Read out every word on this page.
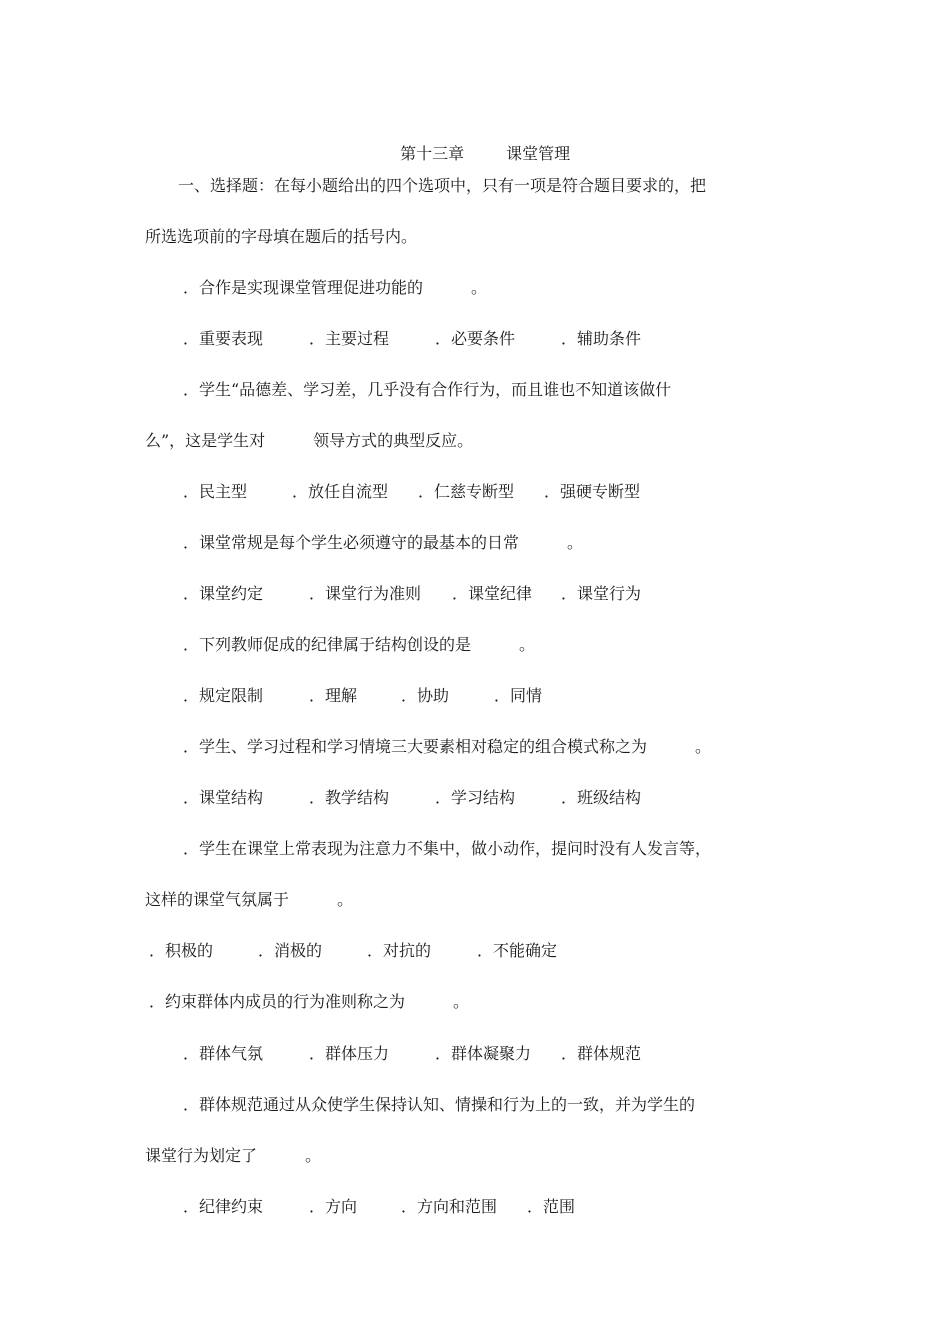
第十三章	课堂管理

一、选择题：在每小题给出的四个选项中，只有一项是符合题目要求的，把
所选选项前的字母填在题后的括号内。
．合作是实现课堂管理促进功能的　　　。
．重要表现	．主要过程	．必要条件	．辅助条件
．学生“品德差、学习差，几乎没有合作行为，而且谁也不知道该做什
么”，这是学生对　　　领导方式的典型反应。
．民主型	．放任自流型 ．仁慈专断型 ．强硬专断型
．课堂常规是每个学生必须遵守的最基本的日常　　　。
．课堂约定	．课堂行为准则 ．课堂纪律 ．课堂行为
．下列教师促成的纪律属于结构创设的是　　　。
．规定限制	．理解	．协助	．同情
．学生、学习过程和学习情境三大要素相对稳定的组合模式称之为　　　。
．课堂结构	．教学结构	．学习结构	．班级结构
．学生在课堂上常表现为注意力不集中，做小动作，提问时没有人发言等，
这样的课堂气氛属于　　　。
．积极的	．消极的	．对抗的	．不能确定
．约束群体内成员的行为准则称之为　　　。
．群体气氛	．群体压力	．群体凝聚力 ．群体规范
．群体规范通过从众使学生保持认知、情操和行为上的一致，并为学生的
课堂行为划定了　　　。
．纪律约束	．方向	．方向和范围 ．范围
